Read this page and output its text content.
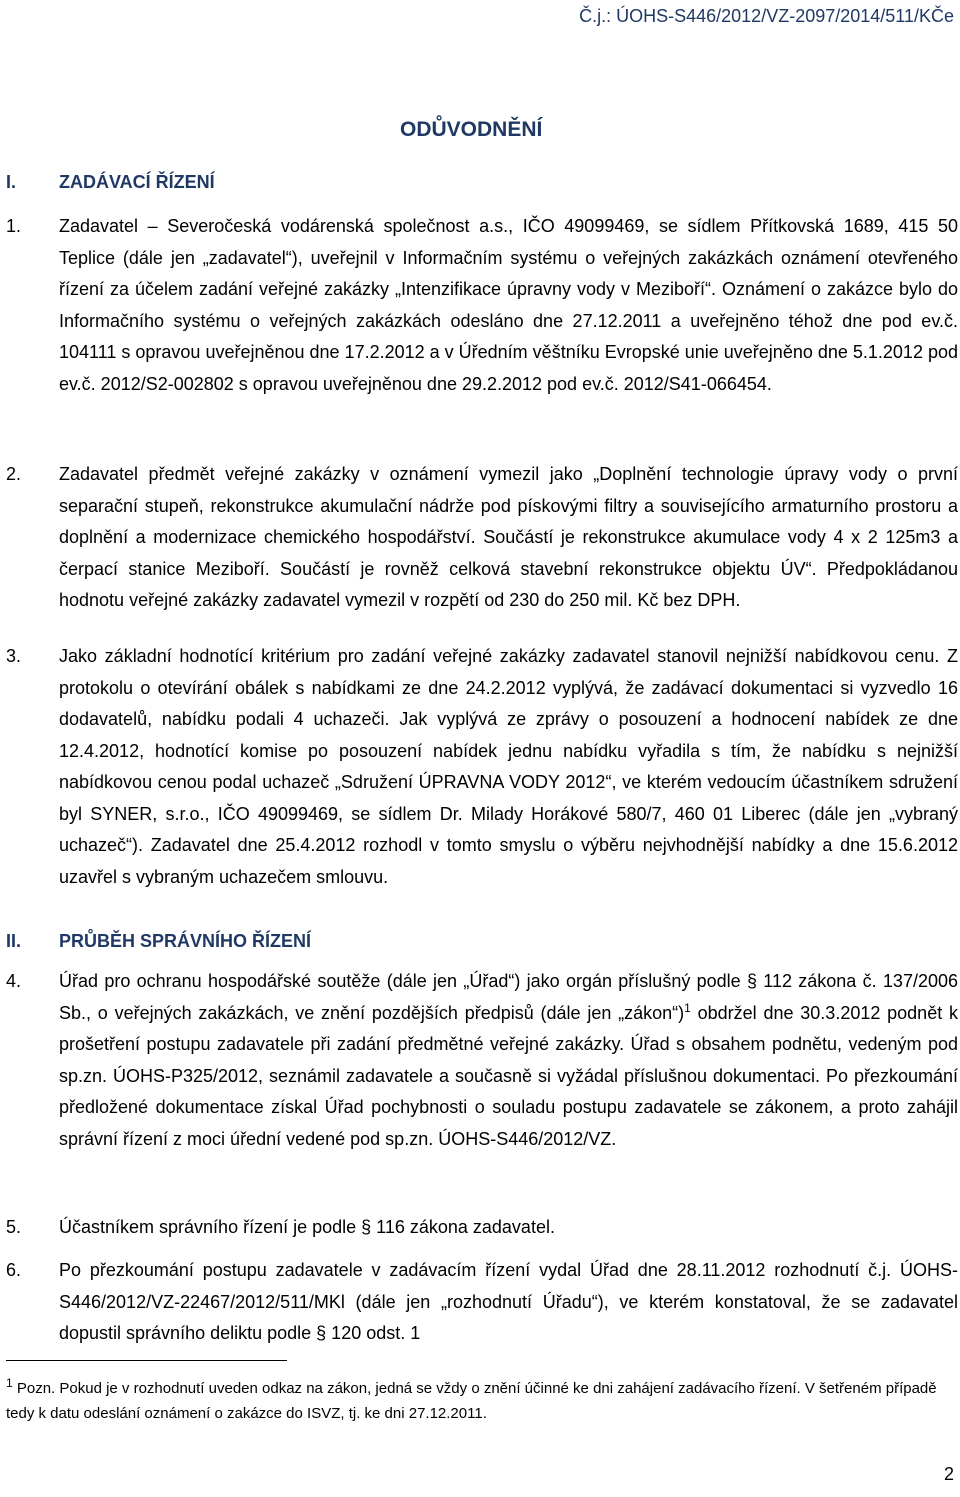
Č.j.: ÚOHS-S446/2012/VZ-2097/2014/511/KČe
ODŮVODNĚNÍ
I. ZADÁVACÍ ŘÍZENÍ
1. Zadavatel – Severočeská vodárenská společnost a.s., IČO 49099469, se sídlem Přítkovská 1689, 415 50 Teplice (dále jen „zadavatel“), uveřejnil v Informačním systému o veřejných zakázkách oznámení otevřeného řízení za účelem zadání veřejné zakázky „Intenzifikace úpravny vody v Meziboří“. Oznámení o zakázce bylo do Informačního systému o veřejných zakázkách odesláno dne 27.12.2011 a uveřejněno téhož dne pod ev.č. 104111 s opravou uveřejněnou dne 17.2.2012 a v Úředním věštníku Evropské unie uveřejněno dne 5.1.2012 pod ev.č. 2012/S2-002802 s opravou uveřejněnou dne 29.2.2012 pod ev.č. 2012/S41-066454.

2. Zadavatel předmět veřejné zakázky v oznámení vymezil jako „Doplnění technologie úpravy vody o první separační stupeň, rekonstrukce akumulační nádrže pod pískovými filtry a souvisejícího armaturního prostoru a doplnění a modernizace chemického hospodářství. Součástí je rekonstrukce akumulace vody 4 x 2 125m3 a čerpací stanice Meziboří. Součástí je rovněž celková stavební rekonstrukce objektu ÚV“. Předpokládanou hodnotu veřejné zakázky zadavatel vymezil v rozpětí od 230 do 250 mil. Kč bez DPH.

3. Jako základní hodnotící kritérium pro zadání veřejné zakázky zadavatel stanovil nejnižší nabídkovou cenu. Z protokolu o otevírání obálek s nabídkami ze dne 24.2.2012 vyplývá, že zadávací dokumentaci si vyzvedlo 16 dodavatelů, nabídku podali 4 uchazeči. Jak vyplývá ze zprávy o posouzení a hodnocení nabídek ze dne 12.4.2012, hodnotící komise po posouzení nabídek jednu nabídku vyřadila s tím, že nabídku s nejnižší nabídkovou cenou podal uchazeč „Sdružení ÚPRAVNA VODY 2012“, ve kterém vedoucím účastníkem sdružení byl SYNER, s.r.o., IČO 49099469, se sídlem Dr. Milady Horákové 580/7, 460 01 Liberec (dále jen „vybraný uchazeč“). Zadavatel dne 25.4.2012 rozhodl v tomto smyslu o výběru nejvhodnější nabídky a dne 15.6.2012 uzavřel s vybraným uchazečem smlouvu.

II. PRŮBĚH SPRÁVNÍHO ŘÍZENÍ
4. Úřad pro ochranu hospodářské soutěže (dále jen „Úřad“) jako orgán příslušný podle § 112 zákona č. 137/2006 Sb., o veřejných zakázkách, ve znění pozdějších předpisů (dále jen „zákon“)$^1$ obdržel dne 30.3.2012 podnět k prošetření postupu zadavatele při zadání předmětné veřejné zakázky. Úřad s obsahem podnětu, vedeným pod sp.zn. ÚOHS-P325/2012, seznámil zadavatele a současně si vyžádal příslušnou dokumentaci. Po přezkoumání předložené dokumentace získal Úřad pochybnosti o souladu postupu zadavatele se zákonem, a proto zahájil správní řízení z moci úřední vedené pod sp.zn. ÚOHS-S446/2012/VZ.

5. Účastníkem správního řízení je podle § 116 zákona zadavatel.

6. Po přezkoumání postupu zadavatele v zadávacím řízení vydal Úřad dne 28.11.2012 rozhodnutí č.j. ÚOHS-S446/2012/VZ-22467/2012/511/MKl (dále jen „rozhodnutí Úřadu“), ve kterém konstatoval, že se zadavatel dopustil správního deliktu podle § 120 odst. 1

$^1$ Pozn. Pokud je v rozhodnutí uveden odkaz na zákon, jedná se vždy o znění účinné ke dni zahájení zadávacího řízení. V šetřeném případě tedy k datu odeslání oznámení o zakázce do ISVZ, tj. ke dni 27.12.2011.

2
